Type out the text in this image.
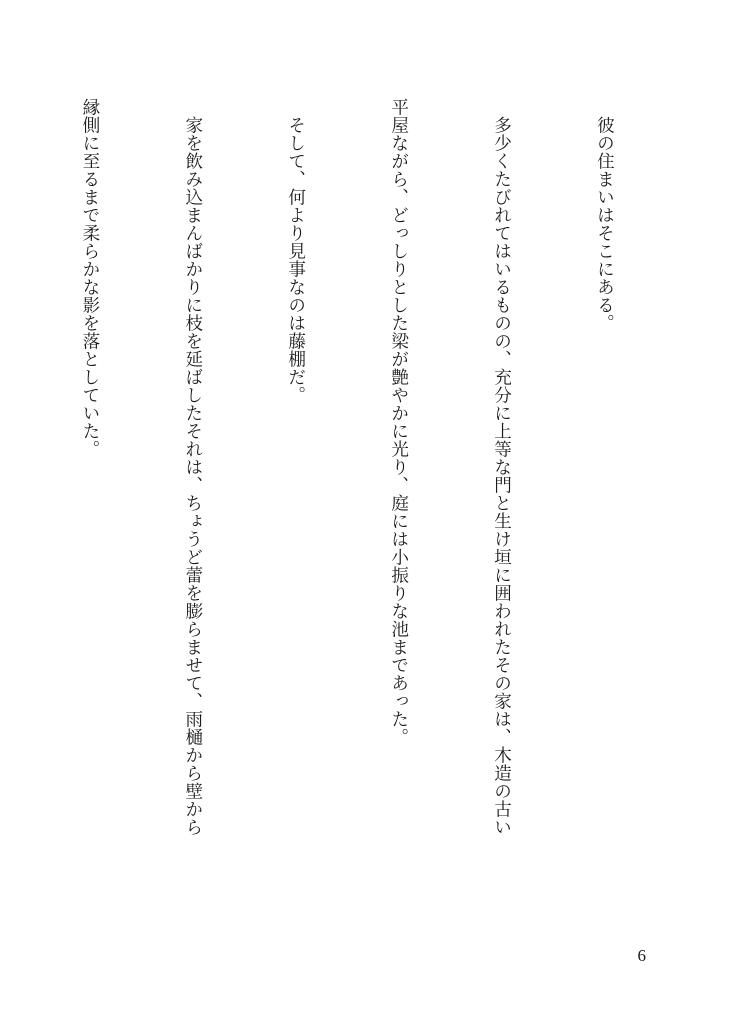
　彼の住まいはそこにある。

　多少くたびれてはいるものの、充分に上等な門と生け垣に囲われたその家は、木造の古い

平屋ながら、どっしりとした梁が艶やかに光り、庭には小振りな池まであった。

　そして、何より見事なのは藤棚だ。

　家を飲み込まんばかりに枝を延ばしたそれは、ちょうど蕾を膨らませて、雨樋から壁から

縁側に至るまで柔らかな影を落としていた。

6
